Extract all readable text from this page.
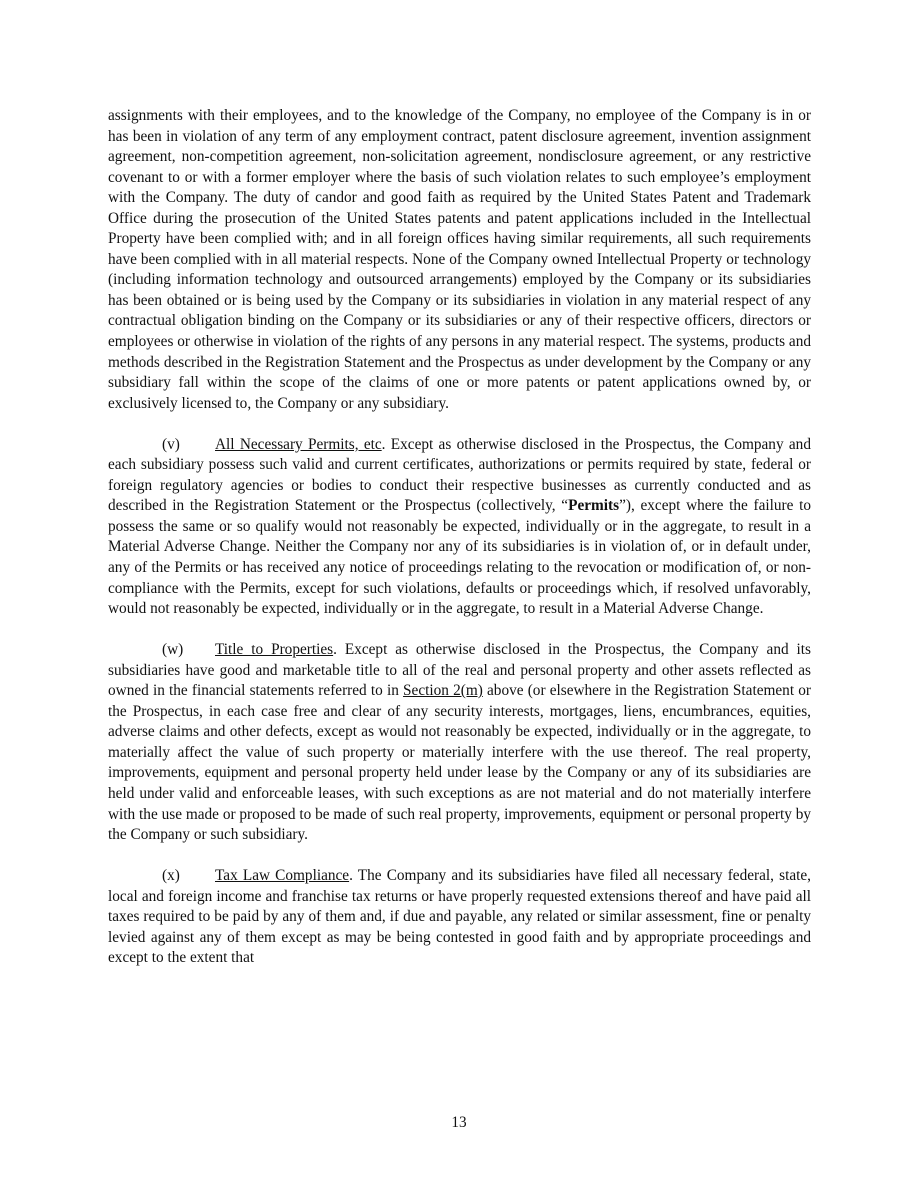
assignments with their employees, and to the knowledge of the Company, no employee of the Company is in or has been in violation of any term of any employment contract, patent disclosure agreement, invention assignment agreement, non-competition agreement, non-solicitation agreement, nondisclosure agreement, or any restrictive covenant to or with a former employer where the basis of such violation relates to such employee’s employment with the Company. The duty of candor and good faith as required by the United States Patent and Trademark Office during the prosecution of the United States patents and patent applications included in the Intellectual Property have been complied with; and in all foreign offices having similar requirements, all such requirements have been complied with in all material respects. None of the Company owned Intellectual Property or technology (including information technology and outsourced arrangements) employed by the Company or its subsidiaries has been obtained or is being used by the Company or its subsidiaries in violation in any material respect of any contractual obligation binding on the Company or its subsidiaries or any of their respective officers, directors or employees or otherwise in violation of the rights of any persons in any material respect. The systems, products and methods described in the Registration Statement and the Prospectus as under development by the Company or any subsidiary fall within the scope of the claims of one or more patents or patent applications owned by, or exclusively licensed to, the Company or any subsidiary.

(v) All Necessary Permits, etc. Except as otherwise disclosed in the Prospectus, the Company and each subsidiary possess such valid and current certificates, authorizations or permits required by state, federal or foreign regulatory agencies or bodies to conduct their respective businesses as currently conducted and as described in the Registration Statement or the Prospectus (collectively, “Permits”), except where the failure to possess the same or so qualify would not reasonably be expected, individually or in the aggregate, to result in a Material Adverse Change. Neither the Company nor any of its subsidiaries is in violation of, or in default under, any of the Permits or has received any notice of proceedings relating to the revocation or modification of, or non-compliance with the Permits, except for such violations, defaults or proceedings which, if resolved unfavorably, would not reasonably be expected, individually or in the aggregate, to result in a Material Adverse Change.

(w) Title to Properties. Except as otherwise disclosed in the Prospectus, the Company and its subsidiaries have good and marketable title to all of the real and personal property and other assets reflected as owned in the financial statements referred to in Section 2(m) above (or elsewhere in the Registration Statement or the Prospectus, in each case free and clear of any security interests, mortgages, liens, encumbrances, equities, adverse claims and other defects, except as would not reasonably be expected, individually or in the aggregate, to materially affect the value of such property or materially interfere with the use thereof. The real property, improvements, equipment and personal property held under lease by the Company or any of its subsidiaries are held under valid and enforceable leases, with such exceptions as are not material and do not materially interfere with the use made or proposed to be made of such real property, improvements, equipment or personal property by the Company or such subsidiary.

(x) Tax Law Compliance. The Company and its subsidiaries have filed all necessary federal, state, local and foreign income and franchise tax returns or have properly requested extensions thereof and have paid all taxes required to be paid by any of them and, if due and payable, any related or similar assessment, fine or penalty levied against any of them except as may be being contested in good faith and by appropriate proceedings and except to the extent that

13
